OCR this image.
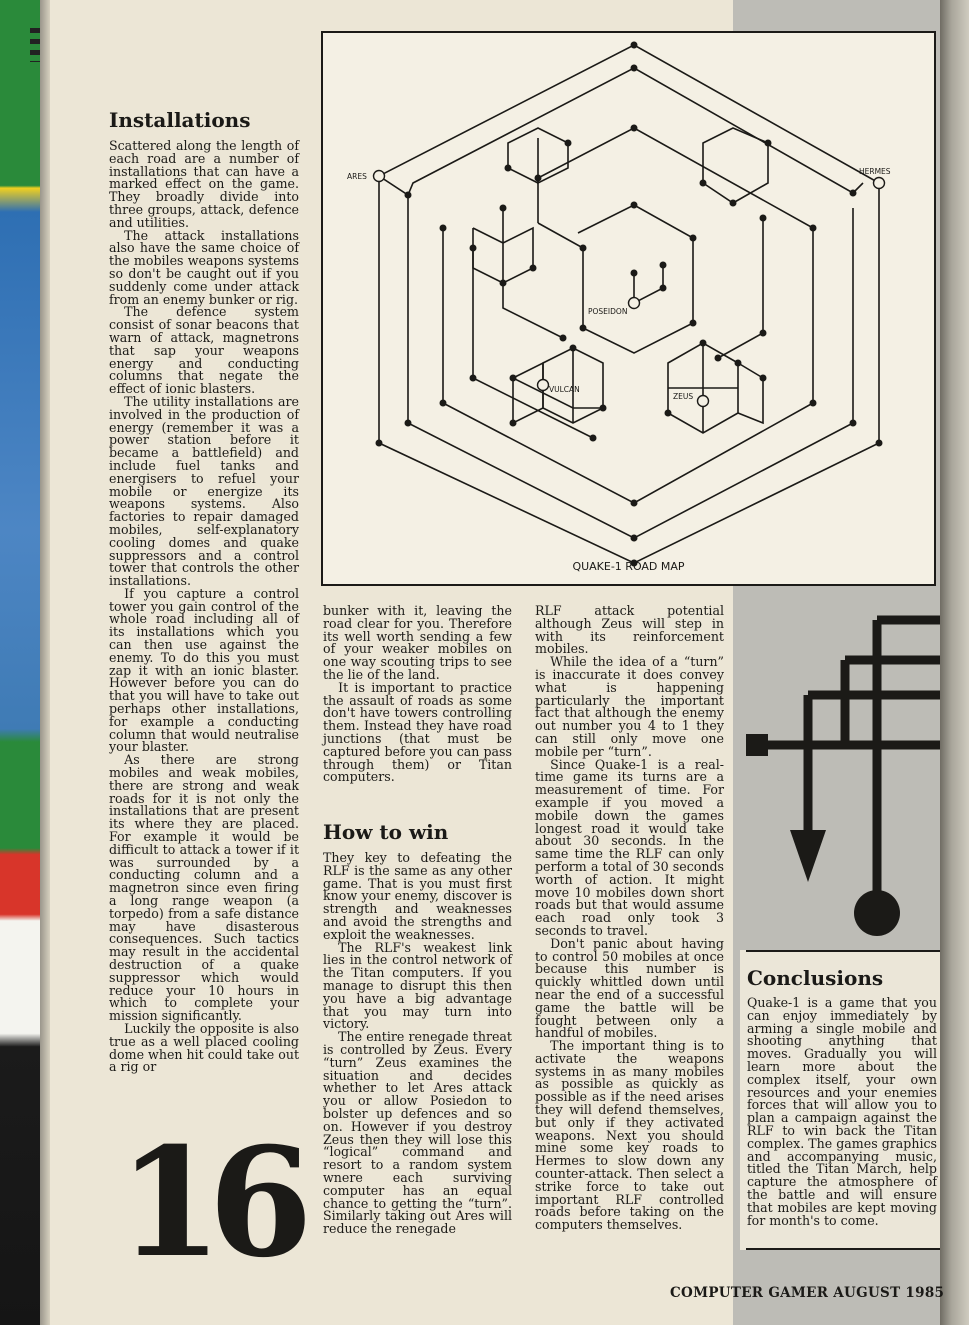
ARES
HERMES
POSEIDON
VULCAN
ZEUS
QUAKE-1 ROAD MAP
Installations

Scattered along the length of each road are a number of installations that can have a marked effect on the game. They broadly divide into three groups, attack, defence and utilities.

The attack installations also have the same choice of the mobiles weapons systems so don't be caught out if you suddenly come under attack from an enemy bunker or rig.

The defence system consist of sonar beacons that warn of attack, magnetrons that sap your weapons energy and conducting columns that negate the effect of ionic blasters.

The utility installations are involved in the production of energy (remember it was a power station before it became a battlefield) and include fuel tanks and energisers to refuel your mobile or energize its weapons systems. Also factories to repair damaged mobiles, self-explanatory cooling domes and quake suppressors and a control tower that controls the other installations.

If you capture a control tower you gain control of the whole road including all of its installations which you can then use against the enemy. To do this you must zap it with an ionic blaster. However before you can do that you will have to take out perhaps other installations, for example a conducting column that would neutralise your blaster.

As there are strong mobiles and weak mobiles, there are strong and weak roads for it is not only the installations that are present its where they are placed. For example it would be difficult to attack a tower if it was surrounded by a conducting column and a magnetron since even firing a long range weapon (a torpedo) from a safe distance may have disasterous consequences. Such tactics may result in the accidental destruction of a quake suppressor which would reduce your 10 hours in which to complete your mission significantly.

Luckily the opposite is also true as a well placed cooling dome when hit could take out a rig or

16

bunker with it, leaving the road clear for you. Therefore its well worth sending a few of your weaker mobiles on one way scouting trips to see the lie of the land.

It is important to practice the assault of roads as some don't have towers controlling them. Instead they have road junctions (that must be captured before you can pass through them) or Titan computers.

How to win

They key to defeating the RLF is the same as any other game. That is you must first know your enemy, discover is strength and weaknesses and avoid the strengths and exploit the weaknesses.

The RLF's weakest link lies in the control network of the Titan computers. If you manage to disrupt this then you have a big advantage that you may turn into victory.

The entire renegade threat is controlled by Zeus. Every “turn” Zeus examines the situation and decides whether to let Ares attack you or allow Posiedon to bolster up defences and so on. However if you destroy Zeus then they will lose this “logical” command and resort to a random system wnere each surviving computer has an equal chance to getting the “turn”. Similarly taking out Ares will reduce the renegade

RLF attack potential although Zeus will step in with its reinforcement mobiles.

While the idea of a “turn” is inaccurate it does convey what is happening particularly the important fact that although the enemy out number you 4 to 1 they can still only move one mobile per “turn”.

Since Quake-1 is a real-time game its turns are a measurement of time. For example if you moved a mobile down the games longest road it would take about 30 seconds. In the same time the RLF can only perform a total of 30 seconds worth of action. It might move 10 mobiles down short roads but that would assume each road only took 3 seconds to travel.

Don't panic about having to control 50 mobiles at once because this number is quickly whittled down until near the end of a successful game the battle will be fought between only a handful of mobiles.

The important thing is to activate the weapons systems in as many mobiles as possible as quickly as possible as if the need arises they will defend themselves, but only if they activated weapons. Next you should mine some key roads to Hermes to slow down any counter-attack. Then select a strike force to take out important RLF controlled roads before taking on the computers themselves.

Conclusions

Quake-1 is a game that you can enjoy immediately by arming a single mobile and shooting anything that moves. Gradually you will learn more about the complex itself, your own resources and your enemies forces that will allow you to plan a campaign against the RLF to win back the Titan complex. The games graphics and accompanying music, titled the Titan March, help capture the atmosphere of the battle and will ensure that mobiles are kept moving for month's to come.

COMPUTER GAMER AUGUST 1985
